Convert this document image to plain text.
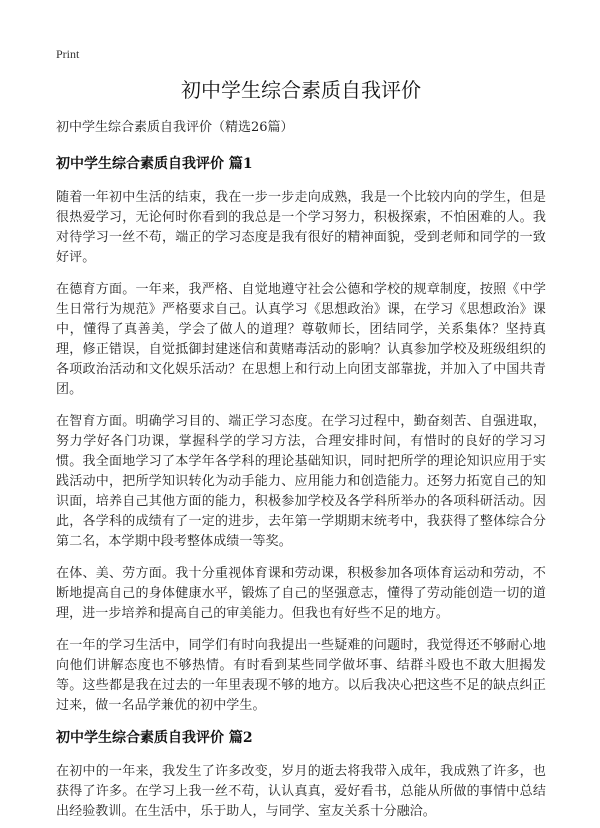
Print
初中学生综合素质自我评价

初中学生综合素质自我评价（精选26篇）

初中学生综合素质自我评价 篇1

随着一年初中生活的结束，我在一步一步走向成熟，我是一个比较内向的学生，但是很热爱学习，无论何时你看到的我总是一个学习努力，积极探索，不怕困难的人。我对待学习一丝不苟，端正的学习态度是我有很好的精神面貌，受到老师和同学的一致好评。

在德育方面。一年来，我严格、自觉地遵守社会公德和学校的规章制度，按照《中学生日常行为规范》严格要求自己。认真学习《思想政治》课，在学习《思想政治》课中，懂得了真善美，学会了做人的道理？尊敬师长，团结同学，关系集体？坚持真理，修正错误，自觉抵御封建迷信和黄赌毒活动的影响？认真参加学校及班级组织的各项政治活动和文化娱乐活动？在思想上和行动上向团支部靠拢，并加入了中国共青团。

在智育方面。明确学习目的、端正学习态度。在学习过程中，勤奋刻苦、自强进取，努力学好各门功课，掌握科学的学习方法，合理安排时间，有惜时的良好的学习习惯。我全面地学习了本学年各学科的理论基础知识，同时把所学的理论知识应用于实践活动中，把所学知识转化为动手能力、应用能力和创造能力。还努力拓宽自己的知识面，培养自己其他方面的能力，积极参加学校及各学科所举办的各项科研活动。因此，各学科的成绩有了一定的进步，去年第一学期期末统考中，我获得了整体综合分第二名，本学期中段考整体成绩一等奖。

在体、美、劳方面。我十分重视体育课和劳动课，积极参加各项体育运动和劳动，不断地提高自己的身体健康水平，锻炼了自己的坚强意志，懂得了劳动能创造一切的道理，进一步培养和提高自己的审美能力。但我也有好些不足的地方。

在一年的学习生活中，同学们有时向我提出一些疑难的问题时，我觉得还不够耐心地向他们讲解态度也不够热情。有时看到某些同学做坏事、结群斗殴也不敢大胆揭发等。这些都是我在过去的一年里表现不够的地方。以后我决心把这些不足的缺点纠正过来，做一名品学兼优的初中学生。

初中学生综合素质自我评价 篇2

在初中的一年来，我发生了许多改变，岁月的逝去将我带入成年，我成熟了许多，也获得了许多。在学习上我一丝不苟，认认真真，爱好看书，总能从所做的事情中总结出经验教训。在生活中，乐于助人，与同学、室友关系十分融洽。
